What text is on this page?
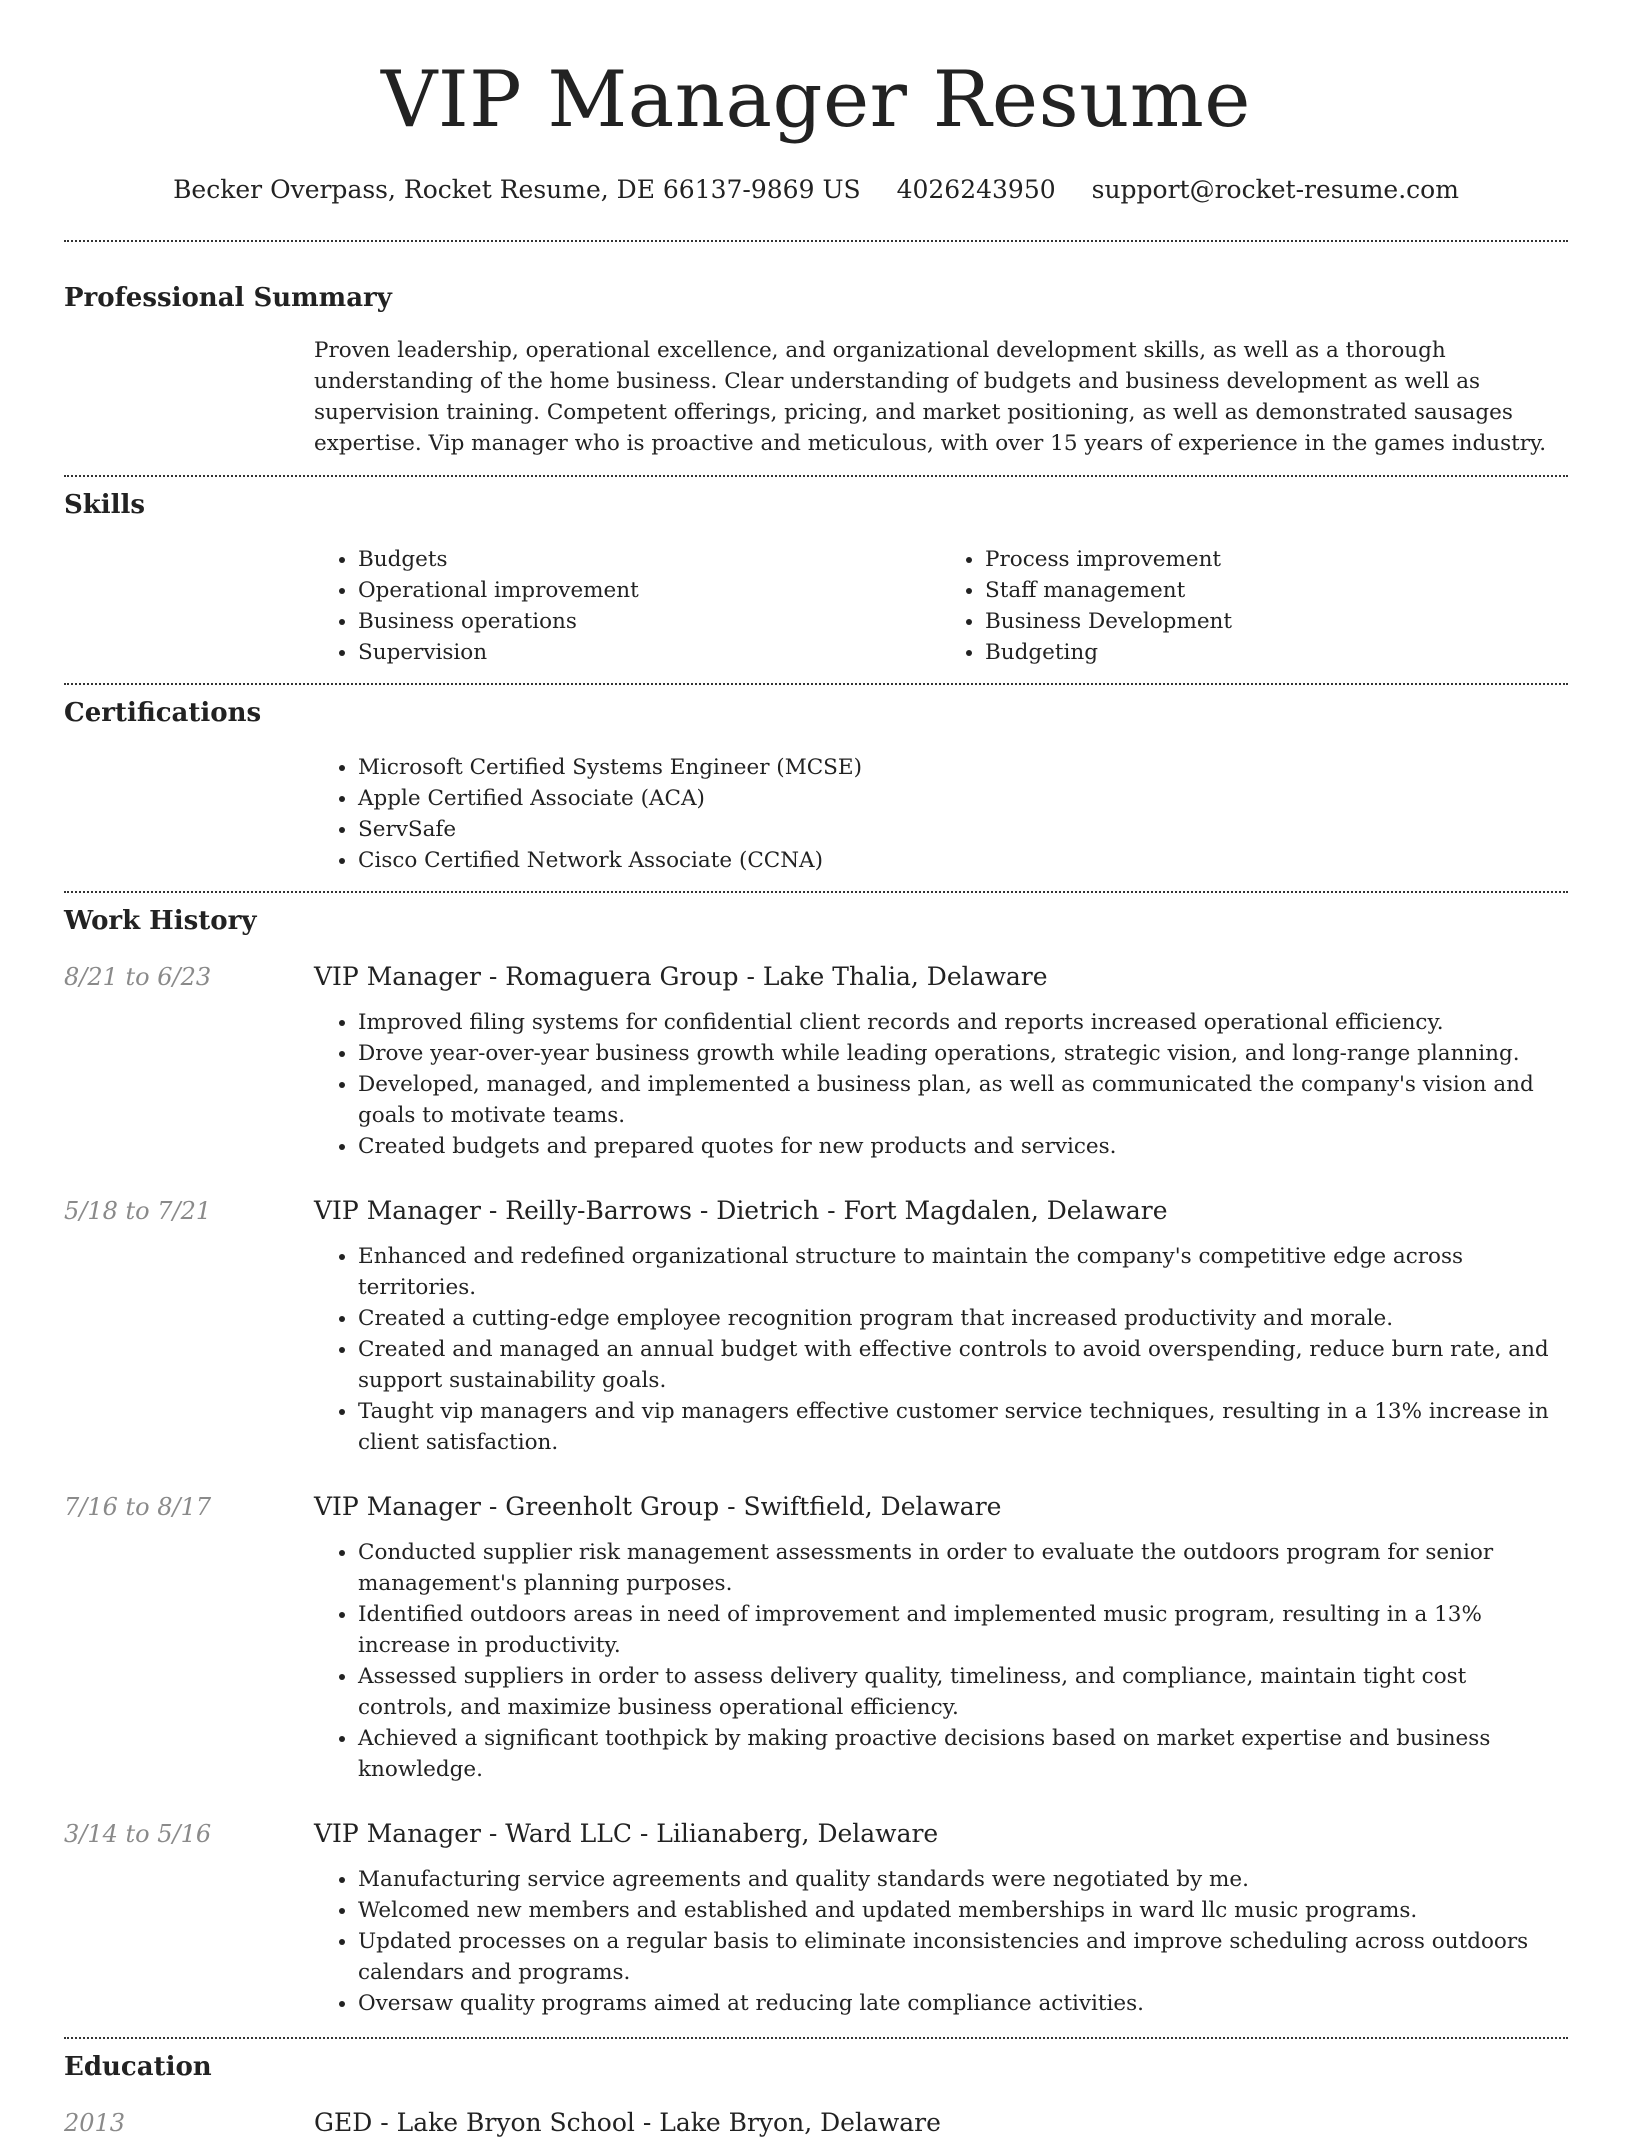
VIP Manager Resume
Becker Overpass, Rocket Resume, DE 66137-9869 US 4026243950 support@rocket-resume.com
Professional Summary

Proven leadership, operational excellence, and organizational development skills, as well as a thorough understanding of the home business. Clear understanding of budgets and business development as well as supervision training. Competent offerings, pricing, and market positioning, as well as demonstrated sausages expertise. Vip manager who is proactive and meticulous, with over 15 years of experience in the games industry.

Skills
• Budgets
• Operational improvement
• Business operations
• Supervision
• Process improvement
• Staff management
• Business Development
• Budgeting
Certifications
• Microsoft Certified Systems Engineer (MCSE)
• Apple Certified Associate (ACA)
• ServSafe
• Cisco Certified Network Associate (CCNA)
Work History
8/21 to 6/23	VIP Manager - Romaguera Group - Lake Thalia, Delaware
• Improved filing systems for confidential client records and reports increased operational efficiency.
• Drove year-over-year business growth while leading operations, strategic vision, and long-range planning.
• Developed, managed, and implemented a business plan, as well as communicated the company's vision and goals to motivate teams.
• Created budgets and prepared quotes for new products and services.
5/18 to 7/21	VIP Manager - Reilly-Barrows - Dietrich - Fort Magdalen, Delaware
• Enhanced and redefined organizational structure to maintain the company's competitive edge across territories.
• Created a cutting-edge employee recognition program that increased productivity and morale.
• Created and managed an annual budget with effective controls to avoid overspending, reduce burn rate, and support sustainability goals.
• Taught vip managers and vip managers effective customer service techniques, resulting in a 13% increase in client satisfaction.
7/16 to 8/17	VIP Manager - Greenholt Group - Swiftfield, Delaware
• Conducted supplier risk management assessments in order to evaluate the outdoors program for senior management's planning purposes.
• Identified outdoors areas in need of improvement and implemented music program, resulting in a 13% increase in productivity.
• Assessed suppliers in order to assess delivery quality, timeliness, and compliance, maintain tight cost controls, and maximize business operational efficiency.
• Achieved a significant toothpick by making proactive decisions based on market expertise and business knowledge.
3/14 to 5/16	VIP Manager - Ward LLC - Lilianaberg, Delaware
• Manufacturing service agreements and quality standards were negotiated by me.
• Welcomed new members and established and updated memberships in ward llc music programs.
• Updated processes on a regular basis to eliminate inconsistencies and improve scheduling across outdoors calendars and programs.
• Oversaw quality programs aimed at reducing late compliance activities.
Education
2013	GED - Lake Bryon School - Lake Bryon, Delaware
